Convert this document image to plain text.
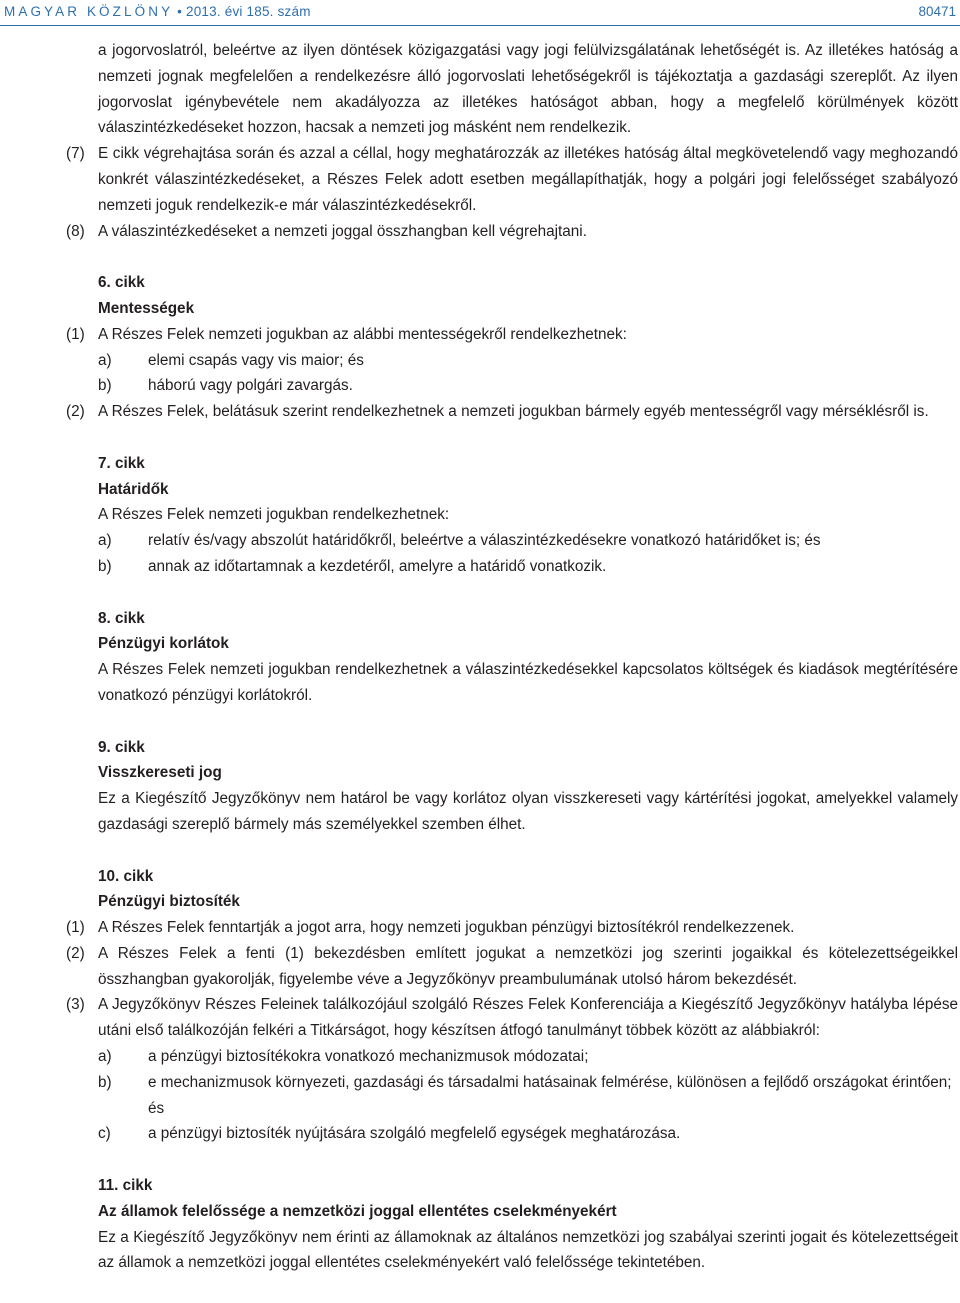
MAGYAR KÖZLÖNY • 2013. évi 185. szám	80471
a jogorvoslatról, beleértve az ilyen döntések közigazgatási vagy jogi felülvizsgálatának lehetőségét is. Az illetékes hatóság a nemzeti jognak megfelelően a rendelkezésre álló jogorvoslati lehetőségekről is tájékoztatja a gazdasági szereplőt. Az ilyen jogorvoslat igénybevétele nem akadályozza az illetékes hatóságot abban, hogy a megfelelő körülmények között válaszintézkedéseket hozzon, hacsak a nemzeti jog másként nem rendelkezik.
(7) E cikk végrehajtása során és azzal a céllal, hogy meghatározzák az illetékes hatóság által megkövetelendő vagy meghozandó konkrét válaszintézkedéseket, a Részes Felek adott esetben megállapíthatják, hogy a polgári jogi felelősséget szabályozó nemzeti joguk rendelkezik-e már válaszintézkedésekről.
(8) A válaszintézkedéseket a nemzeti joggal összhangban kell végrehajtani.
6. cikk
Mentességek
(1) A Részes Felek nemzeti jogukban az alábbi mentességekről rendelkezhetnek:
a)	elemi csapás vagy vis maior; és
b)	háború vagy polgári zavargás.
(2) A Részes Felek, belátásuk szerint rendelkezhetnek a nemzeti jogukban bármely egyéb mentességről vagy mérséklésről is.
7. cikk
Határidők
A Részes Felek nemzeti jogukban rendelkezhetnek:
a)	relatív és/vagy abszolút határidőkről, beleértve a válaszintézkedésekre vonatkozó határidőket is; és
b)	annak az időtartamnak a kezdetéről, amelyre a határidő vonatkozik.
8. cikk
Pénzügyi korlátok
A Részes Felek nemzeti jogukban rendelkezhetnek a válaszintézkedésekkel kapcsolatos költségek és kiadások megtérítésére vonatkozó pénzügyi korlátokról.
9. cikk
Visszkereseti jog
Ez a Kiegészítő Jegyzőkönyv nem határol be vagy korlátoz olyan visszkereseti vagy kártérítési jogokat, amelyekkel valamely gazdasági szereplő bármely más személyekkel szemben élhet.
10. cikk
Pénzügyi biztosíték
(1) A Részes Felek fenntartják a jogot arra, hogy nemzeti jogukban pénzügyi biztosítékról rendelkezzenek.
(2) A Részes Felek a fenti (1) bekezdésben említett jogukat a nemzetközi jog szerinti jogaikkal és kötelezettségeikkel összhangban gyakorolják, figyelembe véve a Jegyzőkönyv preambulumának utolsó három bekezdését.
(3) A Jegyzőkönyv Részes Feleinek találkozójául szolgáló Részes Felek Konferenciája a Kiegészítő Jegyzőkönyv hatályba lépése utáni első találkozóján felkéri a Titkárságot, hogy készítsen átfogó tanulmányt többek között az alábbiakról:
a)	a pénzügyi biztosítékokra vonatkozó mechanizmusok módozatai;
b)	e mechanizmusok környezeti, gazdasági és társadalmi hatásainak felmérése, különösen a fejlődő országokat érintően; és
c)	a pénzügyi biztosíték nyújtására szolgáló megfelelő egységek meghatározása.
11. cikk
Az államok felelőssége a nemzetközi joggal ellentétes cselekményekért
Ez a Kiegészítő Jegyzőkönyv nem érinti az államoknak az általános nemzetközi jog szabályai szerinti jogait és kötelezettségeit az államok a nemzetközi joggal ellentétes cselekményekért való felelőssége tekintetében.
